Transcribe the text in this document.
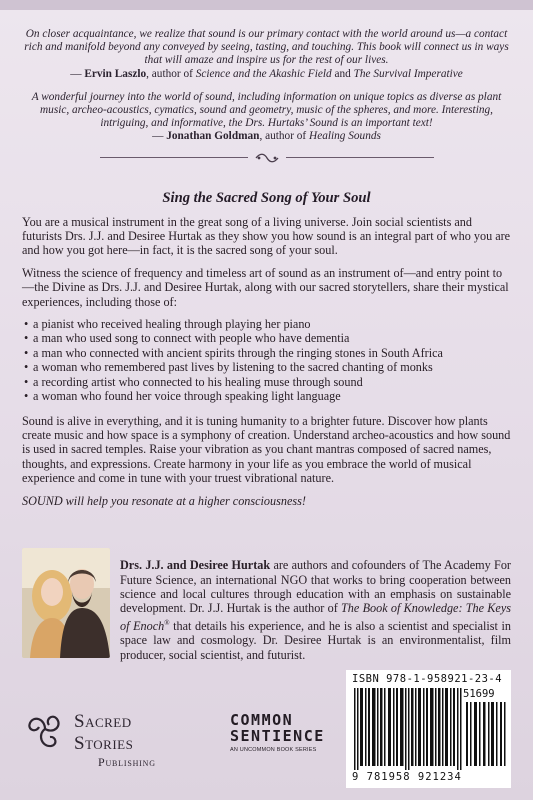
On closer acquaintance, we realize that sound is our primary contact with the world around us—a contact rich and manifold beyond any conveyed by seeing, tasting, and touching. This book will connect us in ways that will amaze and inspire us for the rest of our lives.
— Ervin Laszlo, author of Science and the Akashic Field and The Survival Imperative

A wonderful journey into the world of sound, including information on unique topics as diverse as plant music, archeo-acoustics, cymatics, sound and geometry, music of the spheres, and more. Interesting, intriguing, and informative, the Drs. Hurtaks’ Sound is an important text!
— Jonathan Goldman, author of Healing Sounds

Sing the Sacred Song of Your Soul

You are a musical instrument in the great song of a living universe. Join social scientists and futurists Drs. J.J. and Desiree Hurtak as they show you how sound is an integral part of who you are and how you got here—in fact, it is the sacred song of your soul.

Witness the science of frequency and timeless art of sound as an instrument of—and entry point to—the Divine as Drs. J.J. and Desiree Hurtak, along with our sacred storytellers, share their mystical experiences, including those of:

• a pianist who received healing through playing her piano
• a man who used song to connect with people who have dementia
• a man who connected with ancient spirits through the ringing stones in South Africa
• a woman who remembered past lives by listening to the sacred chanting of monks
• a recording artist who connected to his healing muse through sound
• a woman who found her voice through speaking light language

Sound is alive in everything, and it is tuning humanity to a brighter future. Discover how plants create music and how space is a symphony of creation. Understand archeo-acoustics and how sound is used in sacred temples. Raise your vibration as you chant mantras composed of sacred names, thoughts, and expressions. Create harmony in your life as you embrace the world of musical experience and come in tune with your truest vibrational nature.

SOUND will help you resonate at a higher consciousness!

Drs. J.J. and Desiree Hurtak are authors and cofounders of The Academy For Future Science, an international NGO that works to bring cooperation between science and local cultures through education with an emphasis on sustainable development. Dr. J.J. Hurtak is the author of The Book of Knowledge: The Keys of Enoch® that details his experience, and he is also a scientist and specialist in space law and cosmology. Dr. Desiree Hurtak is an environmentalist, film producer, social scientist, and futurist.

Sacred Stories
Publishing
COMMON
SENTIENCE
AN UNCOMMON BOOK SERIES
ISBN 978-1-958921-23-4
51699
9 781958 921234
